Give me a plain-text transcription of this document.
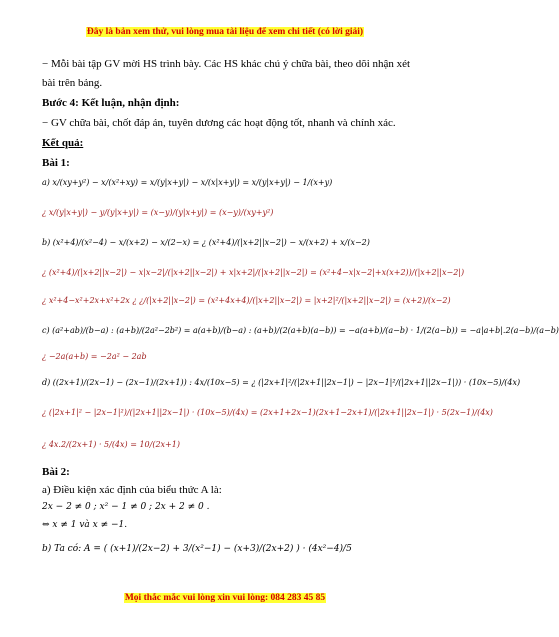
Đây là bản xem thử, vui lòng mua tài liệu để xem chi tiết (có lời giải)
− Mỗi bài tập GV mời HS trình bày. Các HS khác chú ý chữa bài, theo dõi nhận xét
bài trên bảng.
Bước 4: Kết luận, nhận định:
− GV chữa bài, chốt đáp án, tuyên dương các hoạt động tốt, nhanh và chính xác.
Kết quả:
Bài 1:
a) x/(xy+y²) − x/(x²+xy) = x/(y|x+y|) − x/(x|x+y|) = x/(y|x+y|) − 1/(x+y)
¿ x/(y|x+y|) − y/(y|x+y|) = (x−y)/(y|x+y|) = (x−y)/(xy+y²)
b) (x²+4)/(x²−4) − x/(x+2) − x/(2−x) = ¿ (x²+4)/(|x+2||x−2|) − x/(x+2) + x/(x−2)
¿ (x²+4)/(|x+2||x−2|) − x|x−2|/(|x+2||x−2|) + x|x+2|/(|x+2||x−2|) = (x²+4−x|x−2|+x(x+2))/(|x+2||x−2|)
¿ x²+4−x²+2x+x²+2x ¿ ¿/(|x+2||x−2|) = (x²+4x+4)/(|x+2||x−2|) = |x+2|²/(|x+2||x−2|) = (x+2)/(x−2)
c) (a²+ab)/(b−a) : (a+b)/(2a²−2b²) = a(a+b)/(b−a) : (a+b)/(2(a+b)(a−b)) = −a(a+b)/(a−b) · 1/(2(a−b)) = −a|a+b|.2(a−b)/(a−b)
¿ −2a(a+b) = −2a² − 2ab
d) ((2x+1)/(2x−1) − (2x−1)/(2x+1)) : 4x/(10x−5) = ¿ (|2x+1|²/(|2x+1||2x−1|) − |2x−1|²/(|2x+1||2x−1|)) · (10x−5)/(4x)
¿ (|2x+1|² − |2x−1|²)/(|2x+1||2x−1|) · (10x−5)/(4x) = (2x+1+2x−1)(2x+1−2x+1)/(|2x+1||2x−1|) · 5(2x−1)/(4x)
¿ 4x.2/(2x+1) · 5/(4x) = 10/(2x+1)
Bài 2:
a) Điều kiện xác định của biểu thức A là:
2x − 2 ≠ 0 ; x² − 1 ≠ 0 ; 2x + 2 ≠ 0 .
⇔ x ≠ 1 và x ≠ −1.
b) Ta có: A = ( (x+1)/(2x−2) + 3/(x²−1) − (x+3)/(2x+2) ) · (4x²−4)/5
Mọi thắc mắc vui lòng xin vui lòng: 084 283 45 85
